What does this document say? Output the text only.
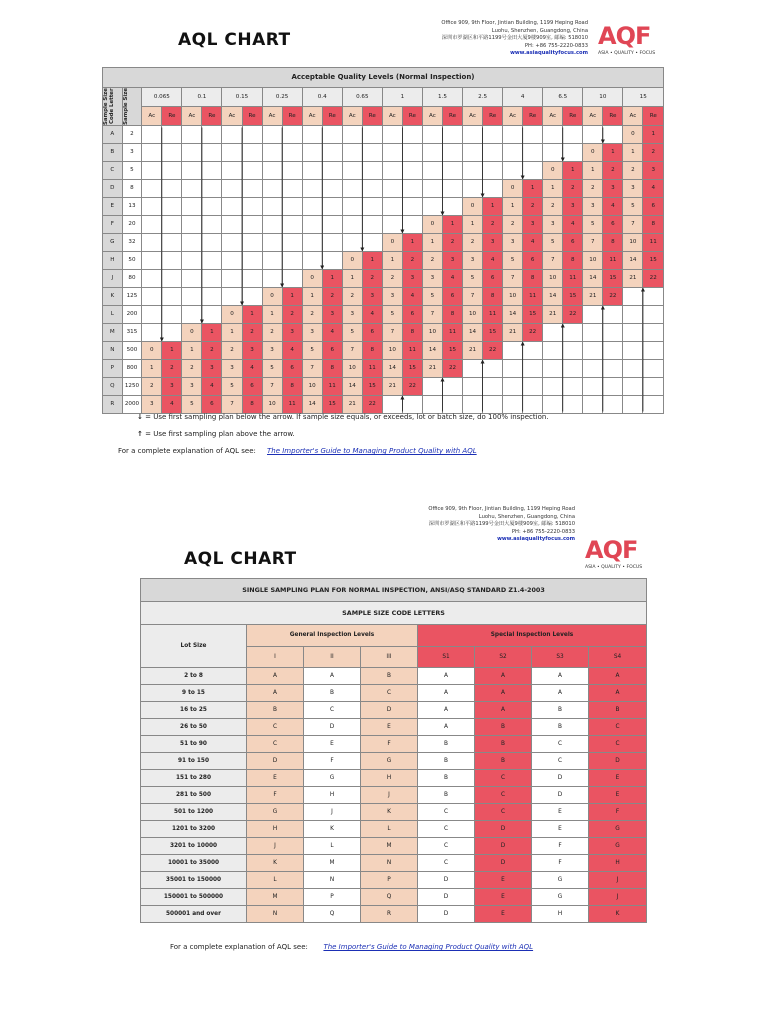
AQL CHART
Office 909, 9th Floor, Jintian Building, 1199 Heping Road
Luohu, Shenzhen, Guangdong, China
深圳市罗湖区和平路1199号金田大厦9楼909室, 邮编: 518010
PH: +86 755-2220-0833
www.asiaqualityfocus.com
AQF
ASIA • QUALITY • FOCUS
Acceptable Quality Levels (Normal Inspection)																											

Sample Size Code Letter	Sample Size	0.065		0.1		0.15		0.25		0.4		0.65		1		1.5		2.5		4		6.5		10		15	
		Ac	Re	Ac	Re	Ac	Re	Ac	Re	Ac	Re	Ac	Re	Ac	Re	Ac	Re	Ac	Re	Ac	Re	Ac	Re	Ac	Re	Ac	Re
A	2																									0	1
B	3																							0	1	1	2
C	5																					0	1	1	2	2	3
D	8																			0	1	1	2	2	3	3	4
E	13																	0	1	1	2	2	3	3	4	5	6
F	20															0	1	1	2	2	3	3	4	5	6	7	8
G	32													0	1	1	2	2	3	3	4	5	6	7	8	10	11
H	50											0	1	1	2	2	3	3	4	5	6	7	8	10	11	14	15
J	80									0	1	1	2	2	3	3	4	5	6	7	8	10	11	14	15	21	22
K	125							0	1	1	2	2	3	3	4	5	6	7	8	10	11	14	15	21	22		
L	200					0	1	1	2	2	3	3	4	5	6	7	8	10	11	14	15	21	22				
M	315			0	1	1	2	2	3	3	4	5	6	7	8	10	11	14	15	21	22						
N	500	0	1	1	2	2	3	3	4	5	6	7	8	10	11	14	15	21	22								
P	800	1	2	2	3	3	4	5	6	7	8	10	11	14	15	21	22										
Q	1250	2	3	3	4	5	6	7	8	10	11	14	15	21	22												
R	2000	3	4	5	6	7	8	10	11	14	15	21	22														
↓ = Use first sampling plan below the arrow. If sample size equals, or exceeds, lot or batch size, do 100% inspection.
↑ = Use first sampling plan above the arrow.
For a complete explanation of AQL see: The Importer's Guide to Managing Product Quality with AQL
AQL CHART
Office 909, 9th Floor, Jintian Building, 1199 Heping Road
Luohu, Shenzhen, Guangdong, China
深圳市罗湖区和平路1199号金田大厦9楼909室, 邮编: 518010
PH: +86 755-2220-0833
www.asiaqualityfocus.com AQF
ASIA • QUALITY • FOCUS
SINGLE SAMPLING PLAN FOR NORMAL INSPECTION, ANSI/ASQ STANDARD Z1.4-2003							
SAMPLE SIZE CODE LETTERS							
Lot Size	General Inspection Levels			Special Inspection Levels			
	I	II	III	S1	S2	S3	S4
2 to 8	A	A	B	A	A	A	A
9 to 15	A	B	C	A	A	A	A
16 to 25	B	C	D	A	A	B	B
26 to 50	C	D	E	A	B	B	C
51 to 90	C	E	F	B	B	C	C
91 to 150	D	F	G	B	B	C	D
151 to 280	E	G	H	B	C	D	E
281 to 500	F	H	J	B	C	D	E
501 to 1200	G	J	K	C	C	E	F
1201 to 3200	H	K	L	C	D	E	G
3201 to 10000	J	L	M	C	D	F	G
10001 to 35000	K	M	N	C	D	F	H
35001 to 150000	L	N	P	D	E	G	J
150001 to 500000	M	P	Q	D	E	G	J
500001 and over	N	Q	R	D	E	H	K
For a complete explanation of AQL see: The Importer's Guide to Managing Product Quality with AQL
